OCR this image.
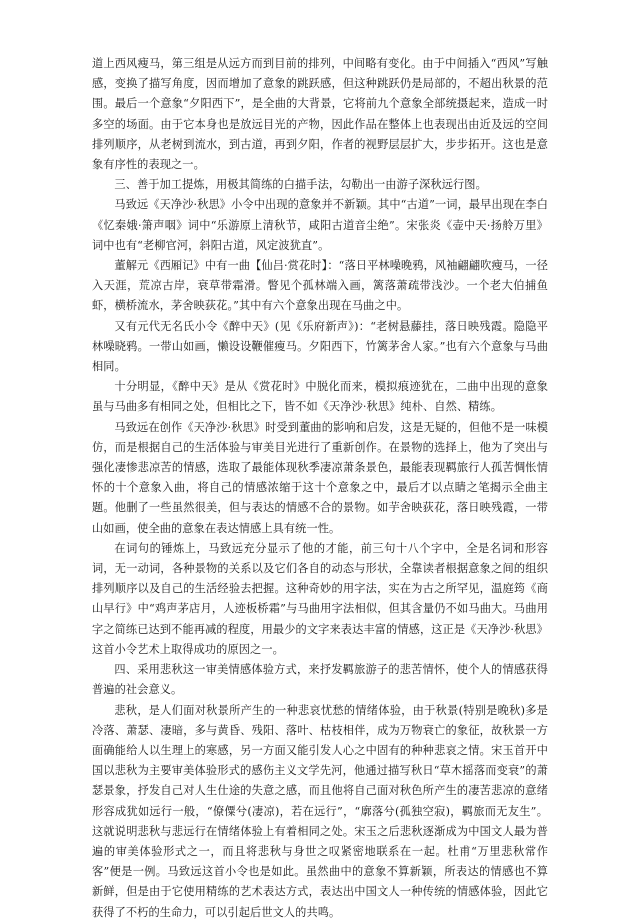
道上西风瘦马，第三组是从远方而到目前的排列，中间略有变化。由于中间插入“西风”写触感，变换了描写角度，因而增加了意象的跳跃感，但这种跳跃仍是局部的，不超出秋景的范围。最后一个意象“夕阳西下”，是全曲的大背景，它将前九个意象全部统摄起来，造成一时多空的场面。由于它本身也是放远目光的产物，因此作品在整体上也表现出由近及远的空间排列顺序，从老树到流水，到古道，再到夕阳，作者的视野层层扩大，步步拓开。这也是意象有序性的表现之一。

三、善于加工提炼，用极其简练的白描手法，勾勒出一由游子深秋远行图。

马致远《天净沙·秋思》小令中出现的意象并不新颖。其中“古道”一词，最早出现在李白《忆秦娥·箫声咽》词中“乐游原上清秋节，咸阳古道音尘绝”。宋张炎《壶中天·扬舲万里》词中也有“老柳官河，斜阳古道，风定波犹直”。

董解元《西厢记》中有一曲【仙吕·赏花时】：“落日平林噪晚鸦，风袖翩翩吹瘦马，一径入天涯，荒凉古岸，衰草带霜滑。瞥见个孤林端入画，篱落萧疏带浅沙。一个老大伯捕鱼虾，横桥流水，茅舍映荻花。”其中有六个意象出现在马曲之中。

又有元代无名氏小令《醉中天》(见《乐府新声》)：“老树悬藤挂，落日映残霞。隐隐平林噪晓鸦。一带山如画，懒设设鞭催瘦马。夕阳西下，竹篱茅舍人家。”也有六个意象与马曲相同。

十分明显，《醉中天》是从《赏花时》中脱化而来，模拟痕迹犹在，二曲中出现的意象虽与马曲多有相同之处，但相比之下，皆不如《天净沙·秋思》纯朴、自然、精练。

马致远在创作《天净沙·秋思》时受到董曲的影响和启发，这是无疑的，但他不是一味模仿，而是根据自己的生活体验与审美目光进行了重新创作。在景物的选择上，他为了突出与强化凄惨悲凉苦的情感，选取了最能体现秋季凄凉萧条景色，最能表现羁旅行人孤苦惆怅情怀的十个意象入曲，将自己的情感浓缩于这十个意象之中，最后才以点睛之笔揭示全曲主题。他删了一些虽然很美，但与表达的情感不合的景物。如芋舍映荻花，落日映残霞，一带山如画，使全曲的意象在表达情感上具有统一性。

在词句的锤炼上，马致远充分显示了他的才能，前三句十八个字中，全是名词和形容词，无一动词，各种景物的关系以及它们各自的动态与形状，全靠读者根据意象之间的组织排列顺序以及自己的生活经验去把握。这种奇妙的用字法，实在为古之所罕见，温庭筠《商山早行》中“鸡声茅店月，人迹板桥霜”与马曲用字法相似，但其含量仍不如马曲大。马曲用字之简练已达到不能再减的程度，用最少的文字来表达丰富的情感，这正是《天净沙·秋思》这首小令艺术上取得成功的原因之一。

四、采用悲秋这一审美情感体验方式，来抒发羁旅游子的悲苦情怀，使个人的情感获得普遍的社会意义。

悲秋，是人们面对秋景所产生的一种悲哀忧愁的情绪体验，由于秋景(特别是晚秋)多是冷落、萧瑟、凄暗，多与黄昏、残阳、落叶、枯枝相伴，成为万物衰亡的象征，故秋景一方面确能给人以生理上的寒感，另一方面又能引发人心之中固有的种种悲哀之情。宋玉首开中国以悲秋为主要审美体验形式的感伤主义文学先河，他通过描写秋日“草木摇落而变衰”的萧瑟景象，抒发自己对人生仕途的失意之感，而且他将自己面对秋色所产生的凄苦悲凉的意绪形容成犹如远行一般，“僚僳兮(凄凉)，若在远行”，“廓落兮(孤独空寂)，羁旅而无友生”。这就说明悲秋与悲远行在情绪体验上有着相同之处。宋玉之后悲秋逐渐成为中国文人最为普遍的审美体验形式之一，而且将悲秋与身世之叹紧密地联系在一起。杜甫“万里悲秋常作客”便是一例。马致远这首小令也是如此。虽然曲中的意象不算新颖，所表达的情感也不算新鲜，但是由于它使用精练的艺术表达方式，表达出中国文人一种传统的情感体验，因此它获得了不朽的生命力，可以引起后世文人的共鸣。
